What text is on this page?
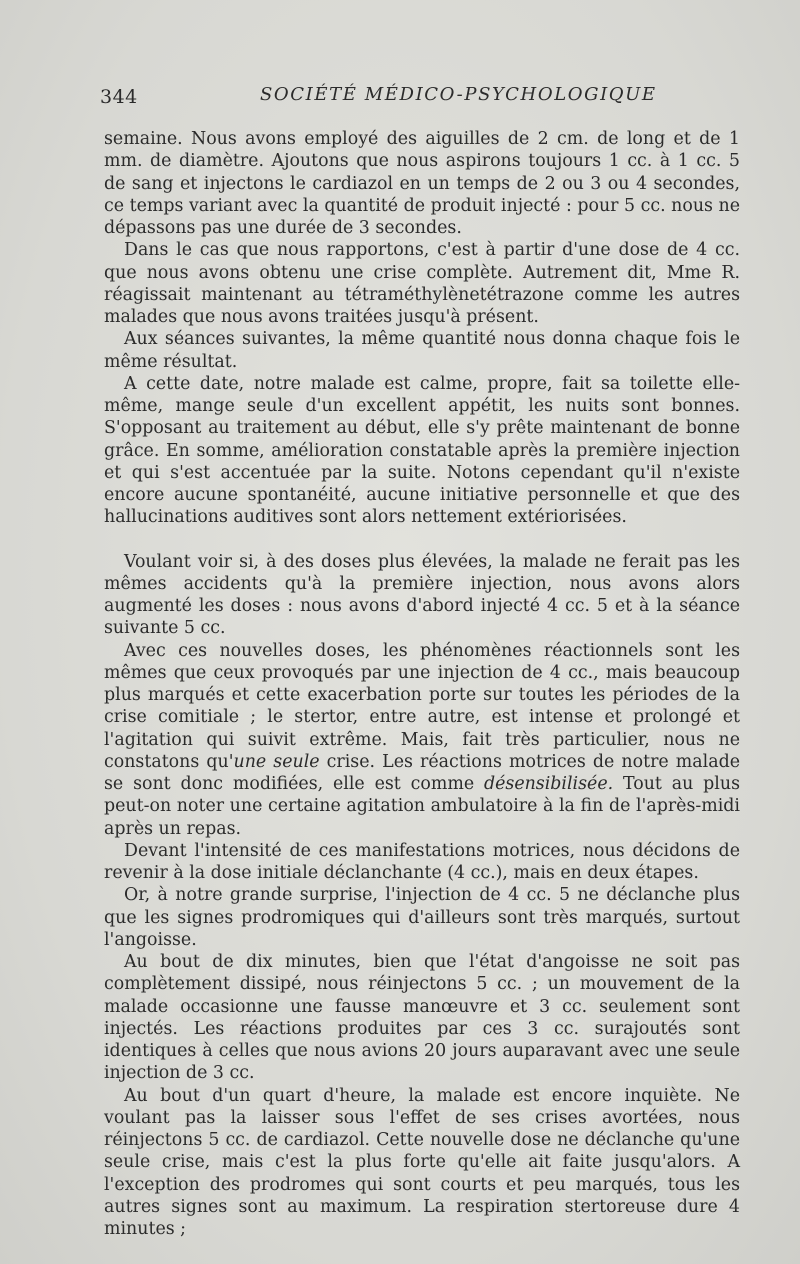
344	SOCIÉTÉ MÉDICO-PSYCHOLOGIQUE

semaine. Nous avons employé des aiguilles de 2 cm. de long et de 1 mm. de diamètre. Ajoutons que nous aspirons toujours 1 cc. à 1 cc. 5 de sang et injectons le cardiazol en un temps de 2 ou 3 ou 4 secondes, ce temps variant avec la quantité de produit injecté : pour 5 cc. nous ne dépassons pas une durée de 3 secondes.

Dans le cas que nous rapportons, c'est à partir d'une dose de 4 cc. que nous avons obtenu une crise complète. Autrement dit, Mme R. réagissait maintenant au tétraméthylènetétrazone comme les autres malades que nous avons traitées jusqu'à présent.

Aux séances suivantes, la même quantité nous donna chaque fois le même résultat.

A cette date, notre malade est calme, propre, fait sa toilette elle-même, mange seule d'un excellent appétit, les nuits sont bonnes. S'opposant au traitement au début, elle s'y prête maintenant de bonne grâce. En somme, amélioration constatable après la première injection et qui s'est accentuée par la suite. Notons cependant qu'il n'existe encore aucune spontanéité, aucune initiative personnelle et que des hallucinations auditives sont alors nettement extériorisées.

Voulant voir si, à des doses plus élevées, la malade ne ferait pas les mêmes accidents qu'à la première injection, nous avons alors augmenté les doses : nous avons d'abord injecté 4 cc. 5 et à la séance suivante 5 cc.

Avec ces nouvelles doses, les phénomènes réactionnels sont les mêmes que ceux provoqués par une injection de 4 cc., mais beaucoup plus marqués et cette exacerbation porte sur toutes les périodes de la crise comitiale ; le stertor, entre autre, est intense et prolongé et l'agitation qui suivit extrême. Mais, fait très particulier, nous ne constatons qu'une seule crise. Les réactions motrices de notre malade se sont donc modifiées, elle est comme désensibilisée. Tout au plus peut-on noter une certaine agitation ambulatoire à la fin de l'après-midi après un repas.

Devant l'intensité de ces manifestations motrices, nous décidons de revenir à la dose initiale déclanchante (4 cc.), mais en deux étapes.

Or, à notre grande surprise, l'injection de 4 cc. 5 ne déclanche plus que les signes prodromiques qui d'ailleurs sont très marqués, surtout l'angoisse.

Au bout de dix minutes, bien que l'état d'angoisse ne soit pas complètement dissipé, nous réinjectons 5 cc. ; un mouvement de la malade occasionne une fausse manœuvre et 3 cc. seulement sont injectés. Les réactions produites par ces 3 cc. surajoutés sont identiques à celles que nous avions 20 jours auparavant avec une seule injection de 3 cc.

Au bout d'un quart d'heure, la malade est encore inquiète. Ne voulant pas la laisser sous l'effet de ses crises avortées, nous réinjectons 5 cc. de cardiazol. Cette nouvelle dose ne déclanche qu'une seule crise, mais c'est la plus forte qu'elle ait faite jusqu'alors. A l'exception des prodromes qui sont courts et peu marqués, tous les autres signes sont au maximum. La respiration stertoreuse dure 4 minutes ;
